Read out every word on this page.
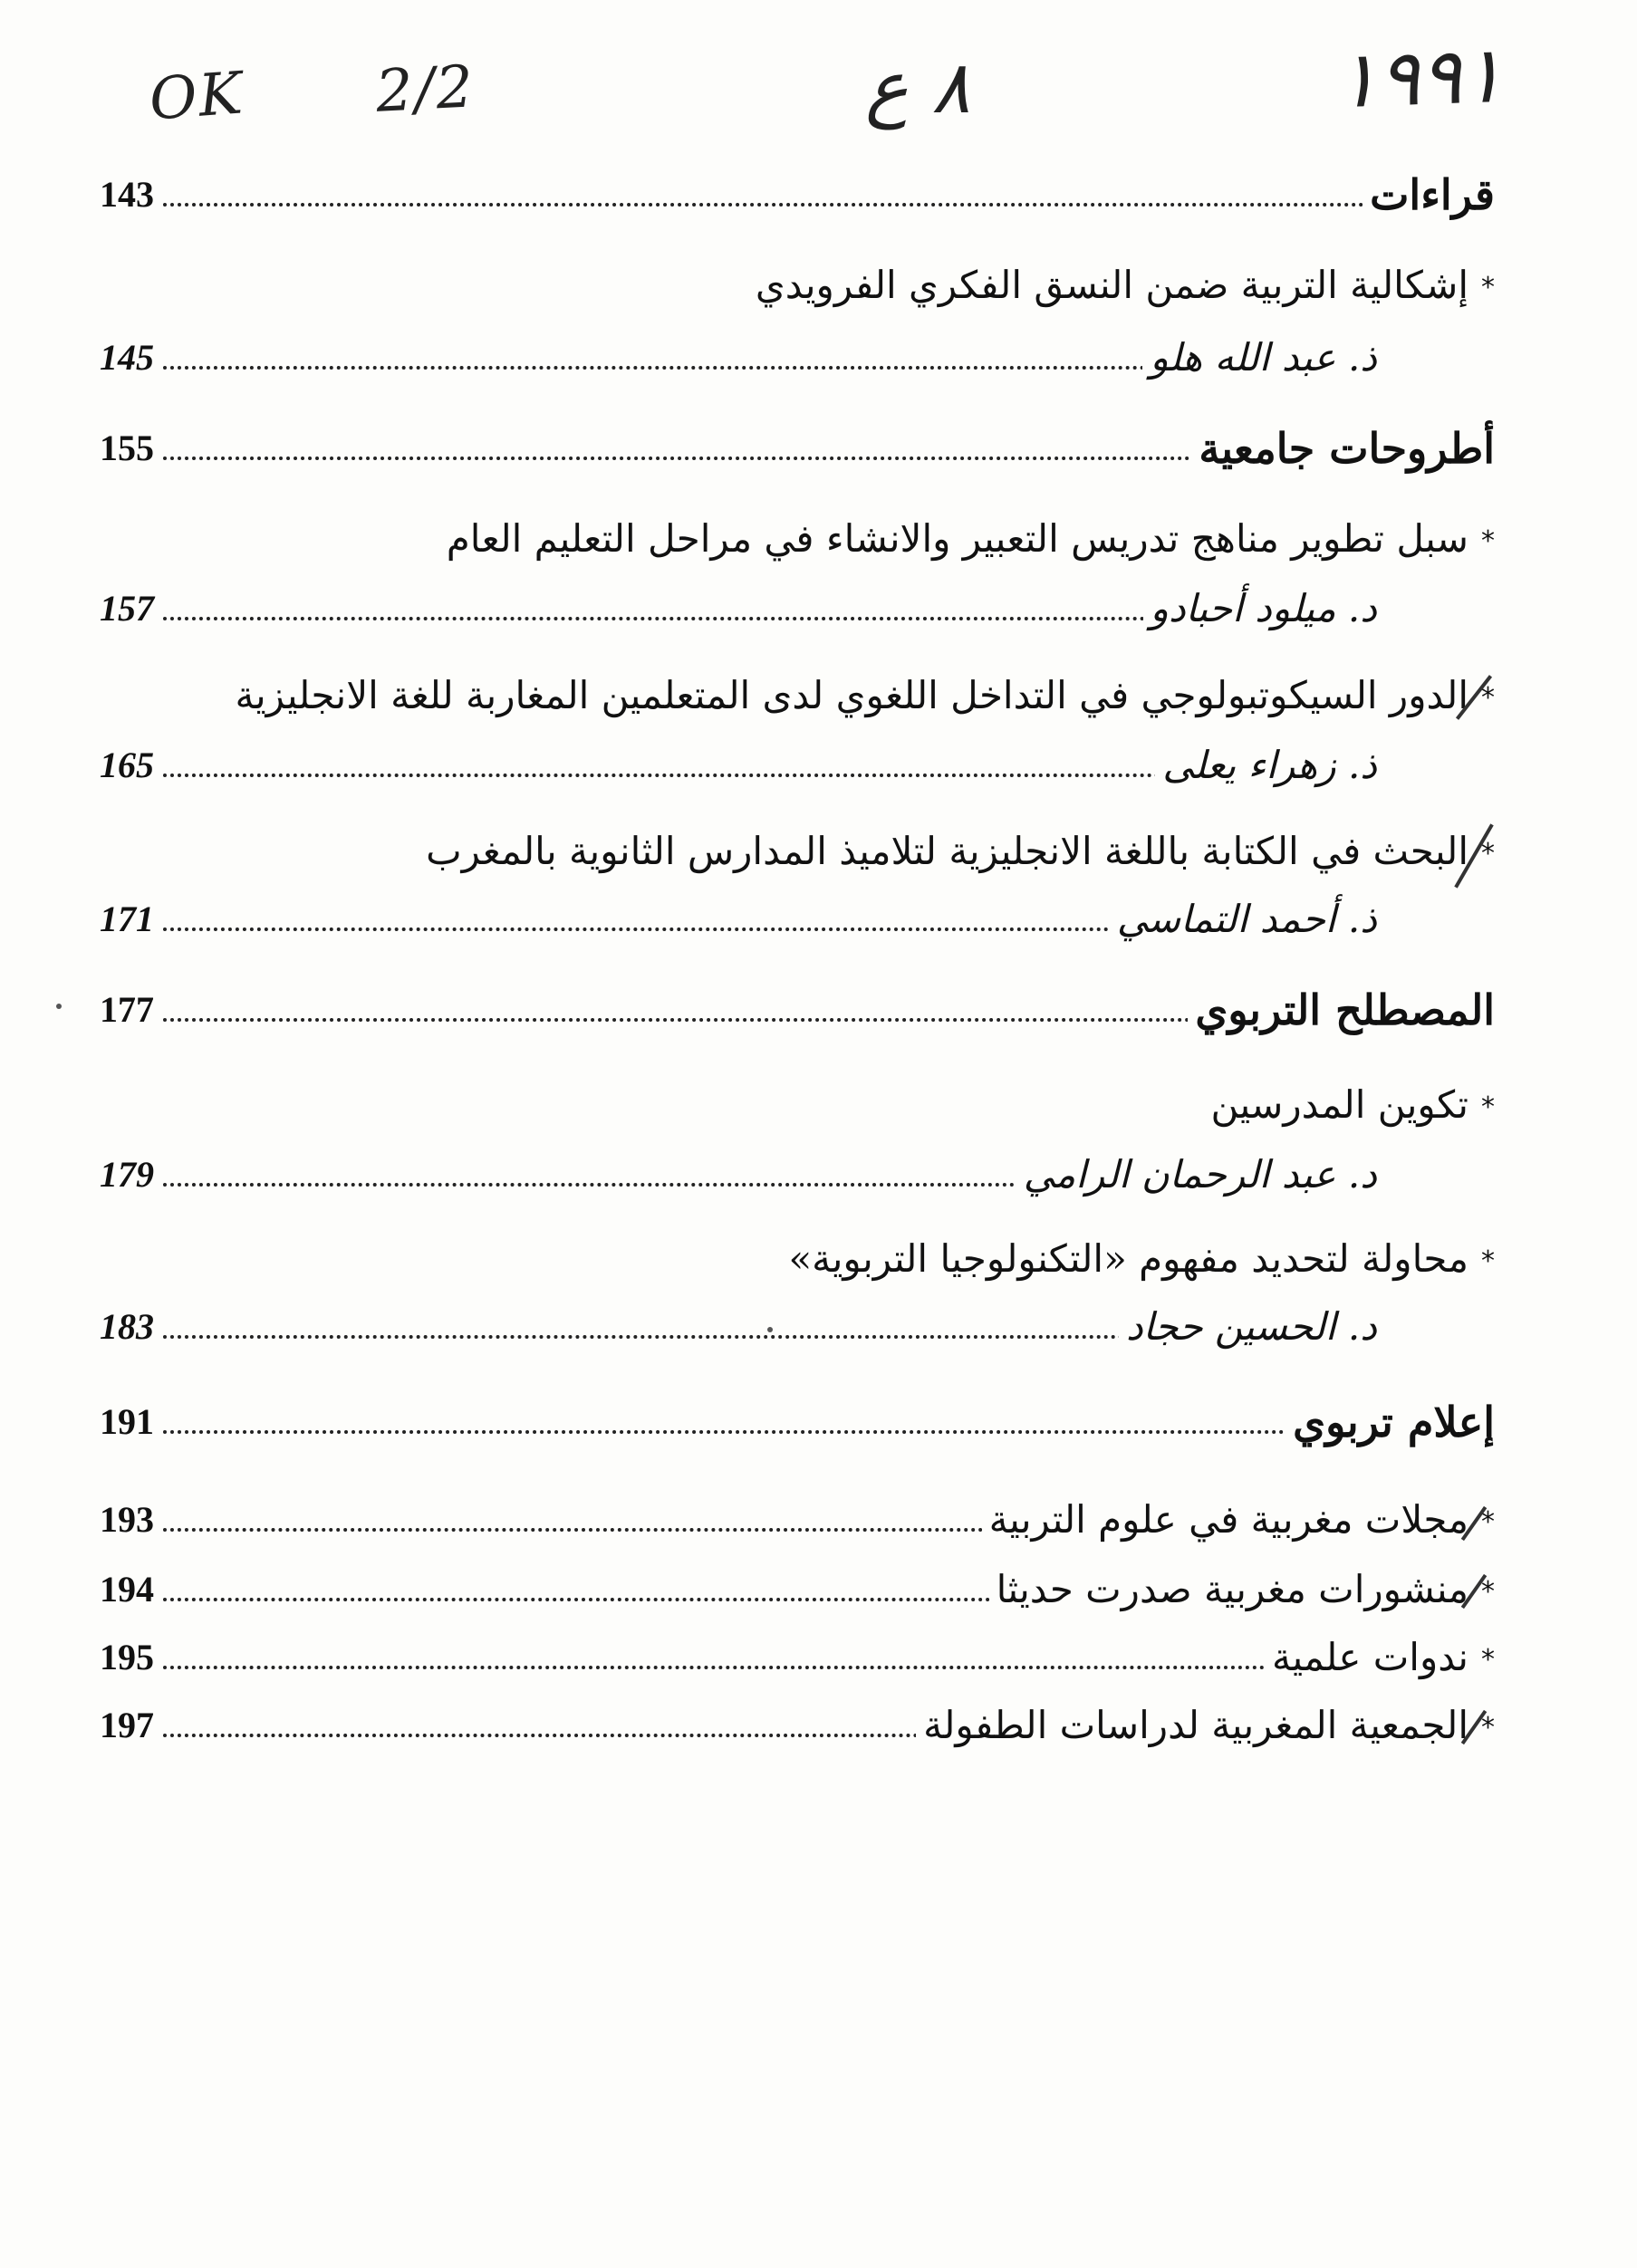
OK 2/2	٨ ع	١٩٩١
143	قراءات
*إشكالية التربية ضمن النسق الفكري الفرويدي
145	ذ. عبد الله هلو
155	أطروحات جامعية
*سبل تطوير مناهج تدريس التعبير والانشاء في مراحل التعليم العام
157	د. ميلود أحبادو
*الدور السيكوتبولوجي في التداخل اللغوي لدى المتعلمين المغاربة للغة الانجليزية
165	ذ. زهراء يعلى
*البحث في الكتابة باللغة الانجليزية لتلاميذ المدارس الثانوية بالمغرب
171	ذ. أحمد التماسي
177	المصطلح التربوي
*تكوين المدرسين
179	د. عبد الرحمان الرامي
*محاولة لتحديد مفهوم «التكنولوجيا التربوية»
183	د. الحسين حجاد
191	إعلام تربوي
193	*مجلات مغربية في علوم التربية
194	*منشورات مغربية صدرت حديثا
195	*ندوات علمية
197	*الجمعية المغربية لدراسات الطفولة
